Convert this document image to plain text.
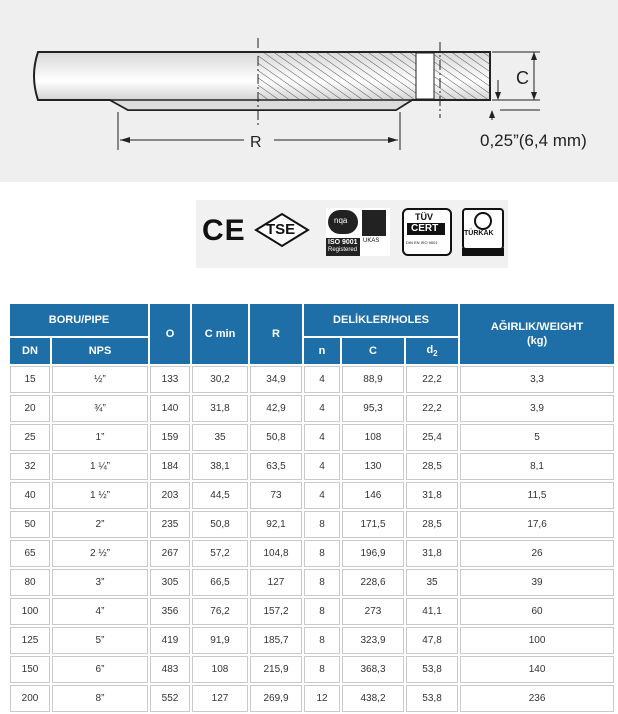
R
C
0,25”(6,4 mm)
CE TSE
nqa
UKAS
ISO 9001
Registered
TÜV
CERT
DIN EN ISO 9001
TÜRKAK
BORU/PIPE		O	C min	R	DELİKLER/HOLES			AĞIRLIK/WEIGHT
(kg)

DN	NPS				n	C	$d_2$
15	½”	133	30,2	34,9	4	88,9	22,2	3,3
20	¾”	140	31,8	42,9	4	95,3	22,2	3,9
25	1”	159	35	50,8	4	108	25,4	5
32	1 ¼”	184	38,1	63,5	4	130	28,5	8,1
40	1 ½”	203	44,5	73	4	146	31,8	11,5
50	2”	235	50,8	92,1	8	171,5	28,5	17,6
65	2 ½”	267	57,2	104,8	8	196,9	31,8	26
80	3”	305	66,5	127	8	228,6	35	39
100	4”	356	76,2	157,2	8	273	41,1	60
125	5”	419	91,9	185,7	8	323,9	47,8	100
150	6”	483	108	215,9	8	368,3	53,8	140
200	8”	552	127	269,9	12	438,2	53,8	236
